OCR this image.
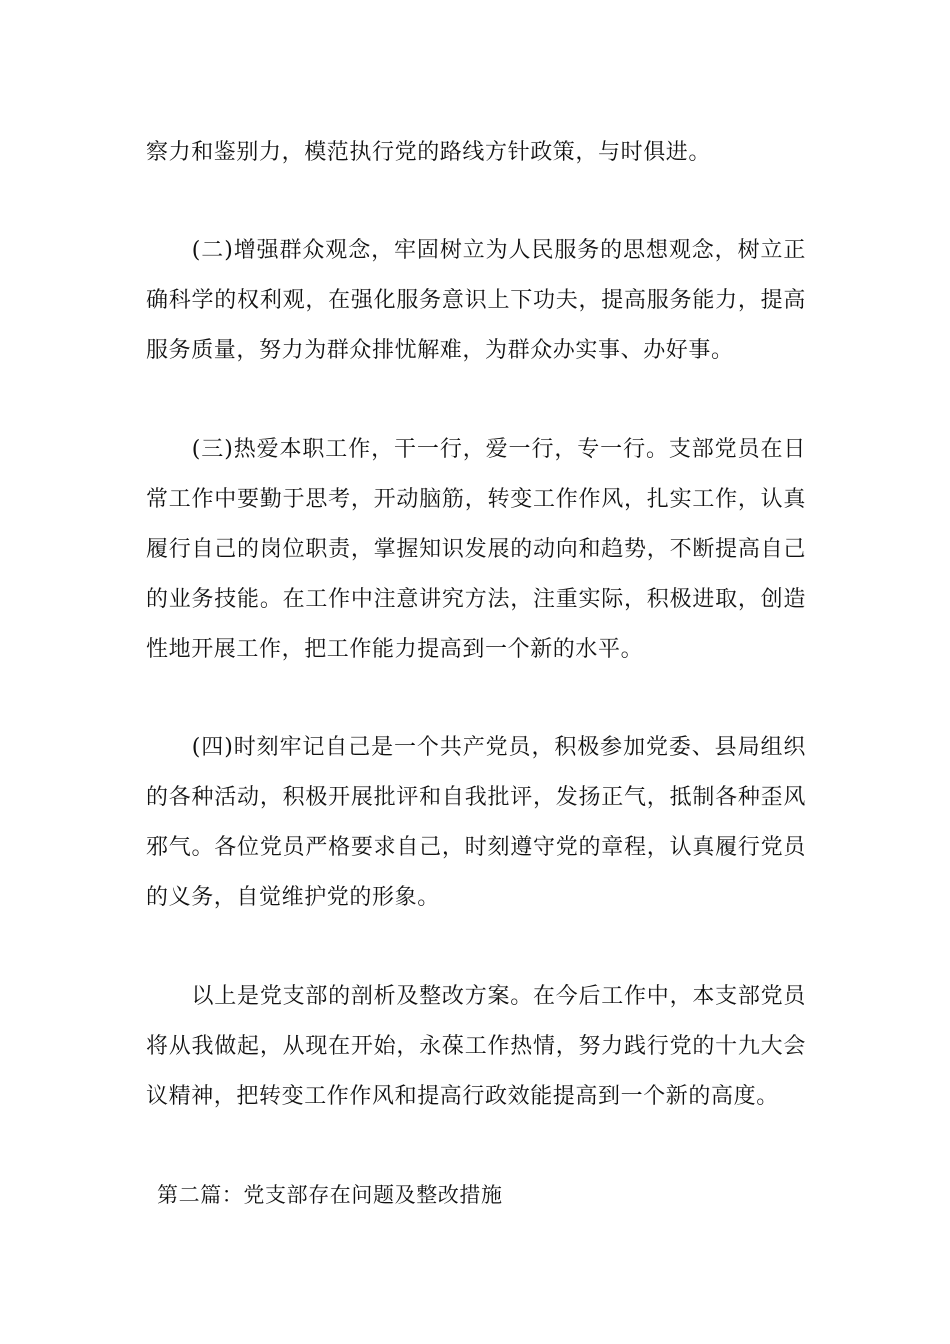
察力和鉴别力，模范执行党的路线方针政策，与时俱进。

　　(二)增强群众观念，牢固树立为人民服务的思想观念，树立正
确科学的权利观，在强化服务意识上下功夫，提高服务能力，提高
服务质量，努力为群众排忧解难，为群众办实事、办好事。

　　(三)热爱本职工作，干一行，爱一行，专一行。支部党员在日
常工作中要勤于思考，开动脑筋，转变工作作风，扎实工作，认真
履行自己的岗位职责，掌握知识发展的动向和趋势，不断提高自己
的业务技能。在工作中注意讲究方法，注重实际，积极进取，创造
性地开展工作，把工作能力提高到一个新的水平。

　　(四)时刻牢记自己是一个共产党员，积极参加党委、县局组织
的各种活动，积极开展批评和自我批评，发扬正气，抵制各种歪风
邪气。各位党员严格要求自己，时刻遵守党的章程，认真履行党员
的义务，自觉维护党的形象。

　　以上是党支部的剖析及整改方案。在今后工作中，本支部党员
将从我做起，从现在开始，永葆工作热情，努力践行党的十九大会
议精神，把转变工作作风和提高行政效能提高到一个新的高度。

第二篇：党支部存在问题及整改措施
